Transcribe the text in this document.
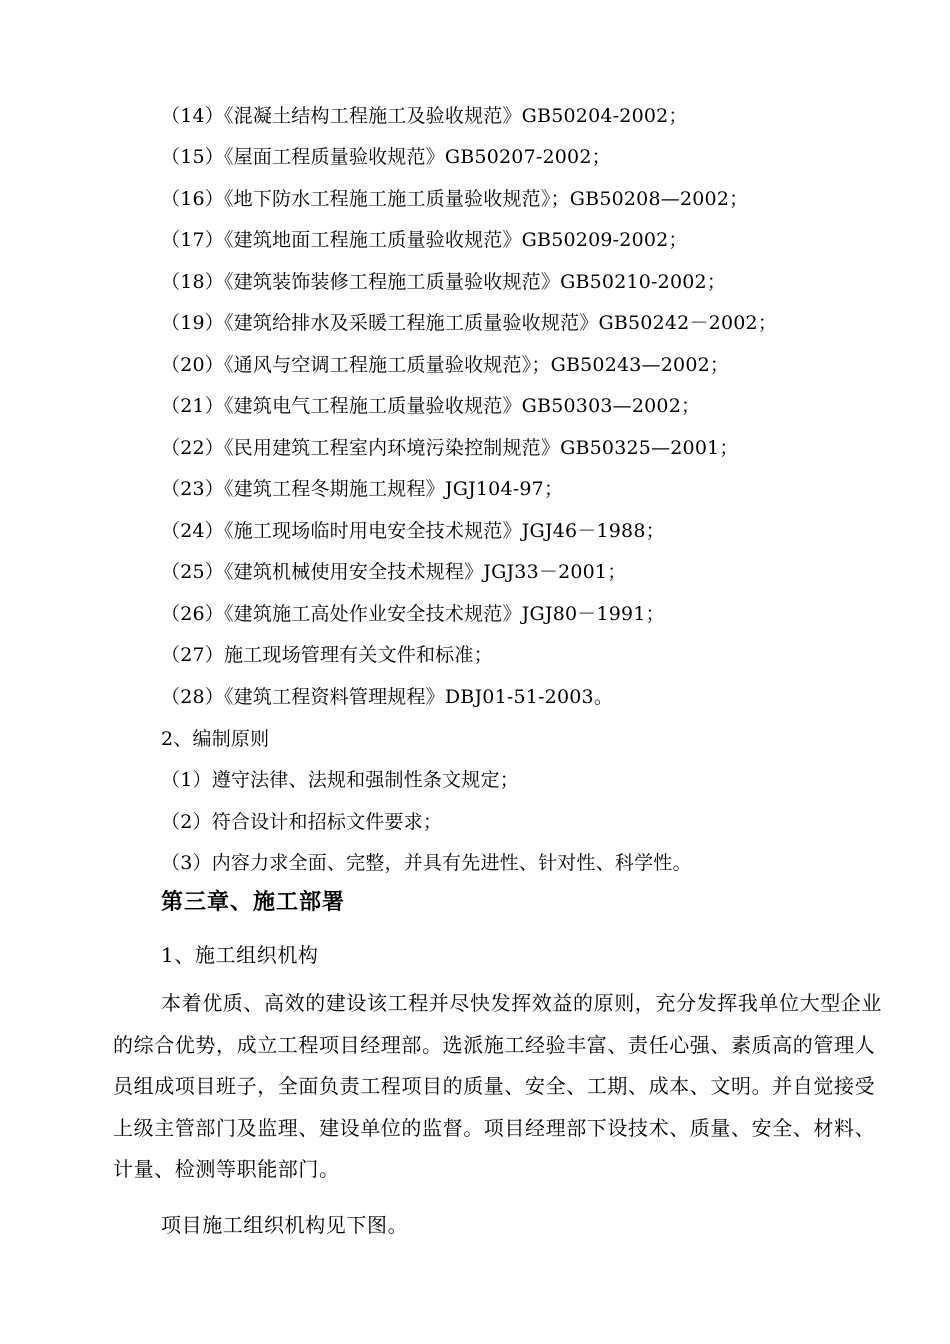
（14）《混凝土结构工程施工及验收规范》GB50204-2002；
（15）《屋面工程质量验收规范》GB50207-2002；
（16）《地下防水工程施工施工质量验收规范》；GB50208—2002；
（17）《建筑地面工程施工质量验收规范》GB50209-2002；
（18）《建筑装饰装修工程施工质量验收规范》GB50210-2002；
（19）《建筑给排水及采暖工程施工质量验收规范》GB50242－2002；
（20）《通风与空调工程施工质量验收规范》；GB50243—2002；
（21）《建筑电气工程施工质量验收规范》GB50303—2002；
（22）《民用建筑工程室内环境污染控制规范》GB50325—2001；
（23）《建筑工程冬期施工规程》JGJ104-97；
（24）《施工现场临时用电安全技术规范》JGJ46－1988；
（25）《建筑机械使用安全技术规程》JGJ33－2001；
（26）《建筑施工高处作业安全技术规范》JGJ80－1991；
（27）施工现场管理有关文件和标准；
（28）《建筑工程资料管理规程》DBJ01-51-2003。
2、编制原则
（1）遵守法律、法规和强制性条文规定；
（2）符合设计和招标文件要求；
（3）内容力求全面、完整，并具有先进性、针对性、科学性。
第三章、施工部署
1、施工组织机构

本着优质、高效的建设该工程并尽快发挥效益的原则，充分发挥我单位大型企业的综合优势，成立工程项目经理部。选派施工经验丰富、责任心强、素质高的管理人员组成项目班子，全面负责工程项目的质量、安全、工期、成本、文明。并自觉接受上级主管部门及监理、建设单位的监督。项目经理部下设技术、质量、安全、材料、计量、检测等职能部门。

项目施工组织机构见下图。
